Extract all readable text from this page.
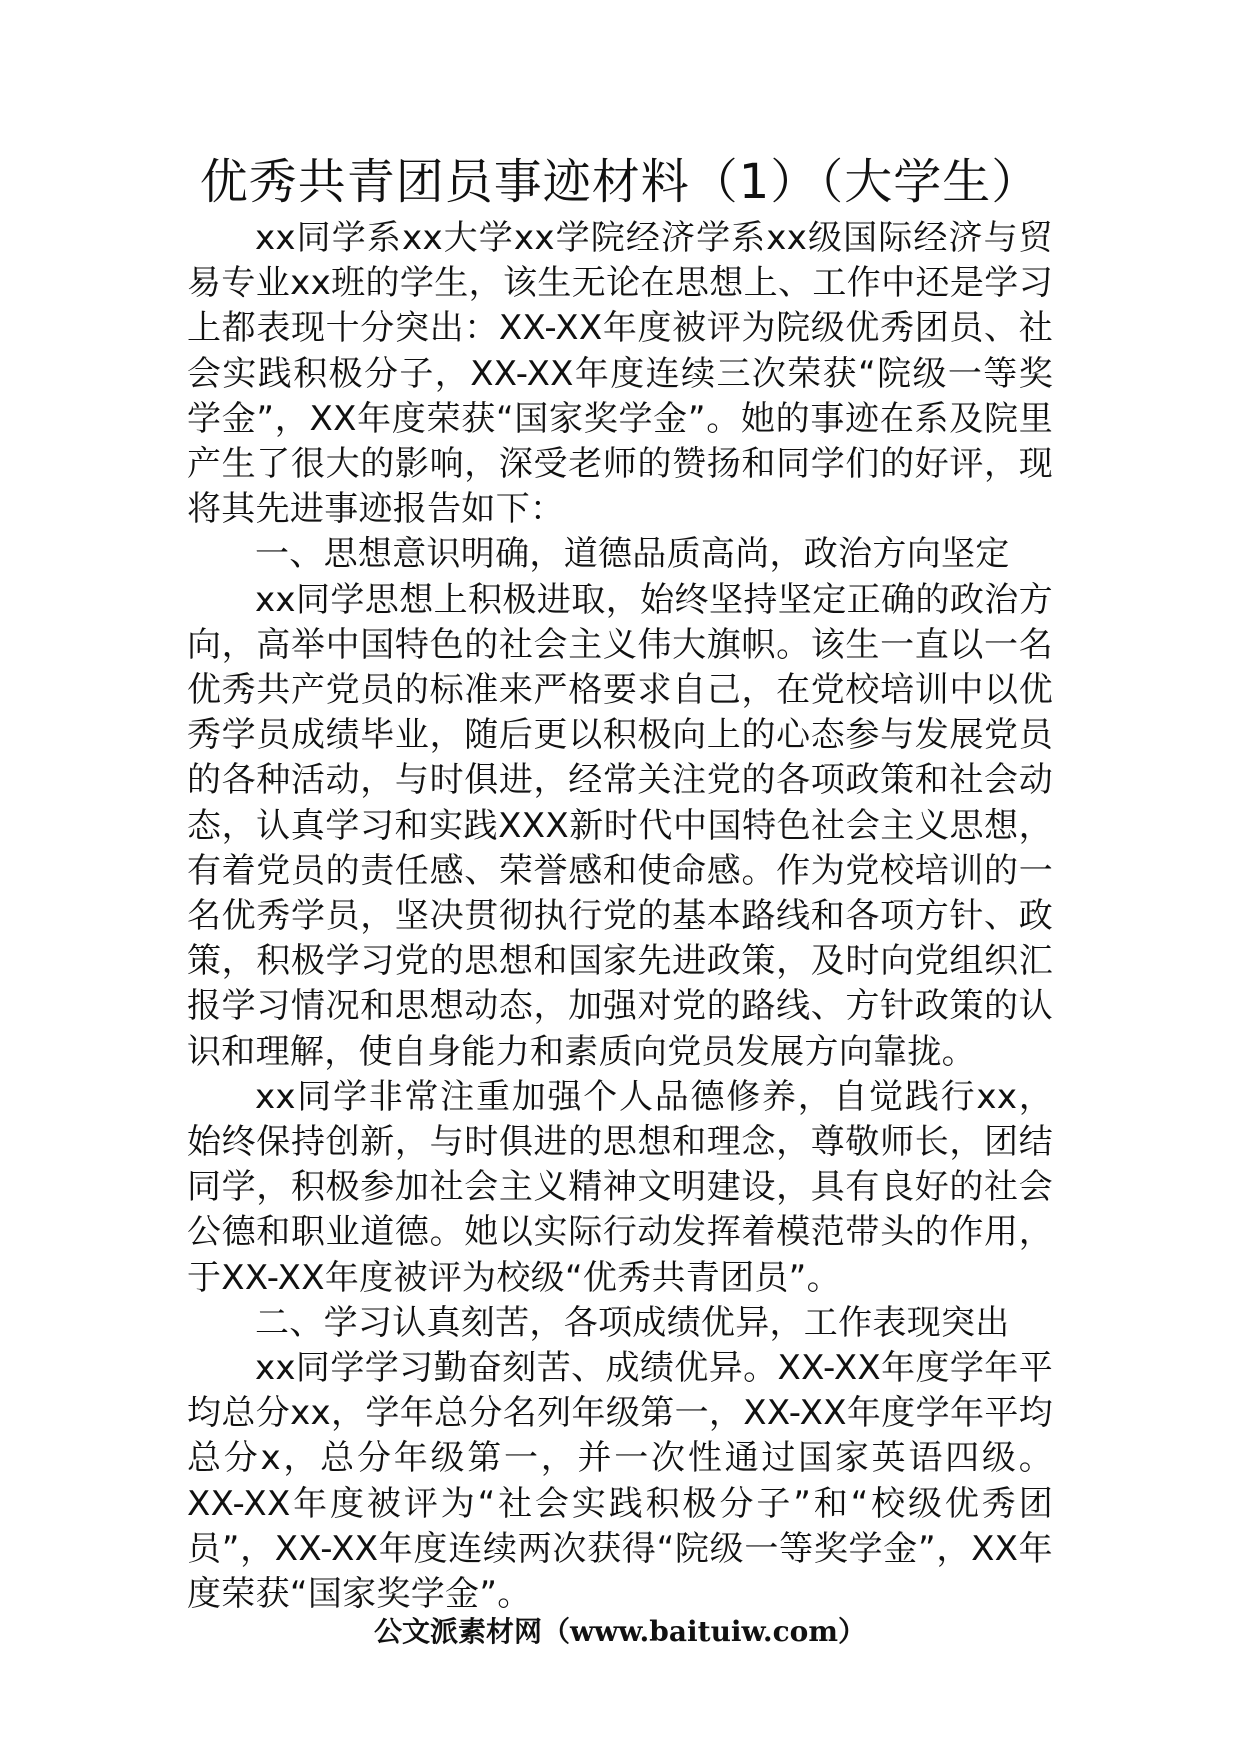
优秀共青团员事迹材料（1）（大学生）

xx同学系xx大学xx学院经济学系xx级国际经济与贸易专业xx班的学生，该生无论在思想上、工作中还是学习上都表现十分突出：XX-XX年度被评为院级优秀团员、社会实践积极分子，XX-XX年度连续三次荣获“院级一等奖学金”，XX年度荣获“国家奖学金”。她的事迹在系及院里产生了很大的影响，深受老师的赞扬和同学们的好评，现将其先进事迹报告如下：

一、思想意识明确，道德品质高尚，政治方向坚定

xx同学思想上积极进取，始终坚持坚定正确的政治方向，高举中国特色的社会主义伟大旗帜。该生一直以一名优秀共产党员的标准来严格要求自己，在党校培训中以优秀学员成绩毕业，随后更以积极向上的心态参与发展党员的各种活动，与时俱进，经常关注党的各项政策和社会动态，认真学习和实践XXX新时代中国特色社会主义思想，有着党员的责任感、荣誉感和使命感。作为党校培训的一名优秀学员，坚决贯彻执行党的基本路线和各项方针、政策，积极学习党的思想和国家先进政策，及时向党组织汇报学习情况和思想动态，加强对党的路线、方针政策的认识和理解，使自身能力和素质向党员发展方向靠拢。

xx同学非常注重加强个人品德修养，自觉践行xx，始终保持创新，与时俱进的思想和理念，尊敬师长，团结同学，积极参加社会主义精神文明建设，具有良好的社会公德和职业道德。她以实际行动发挥着模范带头的作用，于XX-XX年度被评为校级“优秀共青团员”。

二、学习认真刻苦，各项成绩优异，工作表现突出

xx同学学习勤奋刻苦、成绩优异。XX-XX年度学年平均总分xx，学年总分名列年级第一，XX-XX年度学年平均总分x，总分年级第一，并一次性通过国家英语四级。XX-XX年度被评为“社会实践积极分子”和“校级优秀团员”，XX-XX年度连续两次获得“院级一等奖学金”，XX年度荣获“国家奖学金”。

公文派素材网（www.baituiw.com）
